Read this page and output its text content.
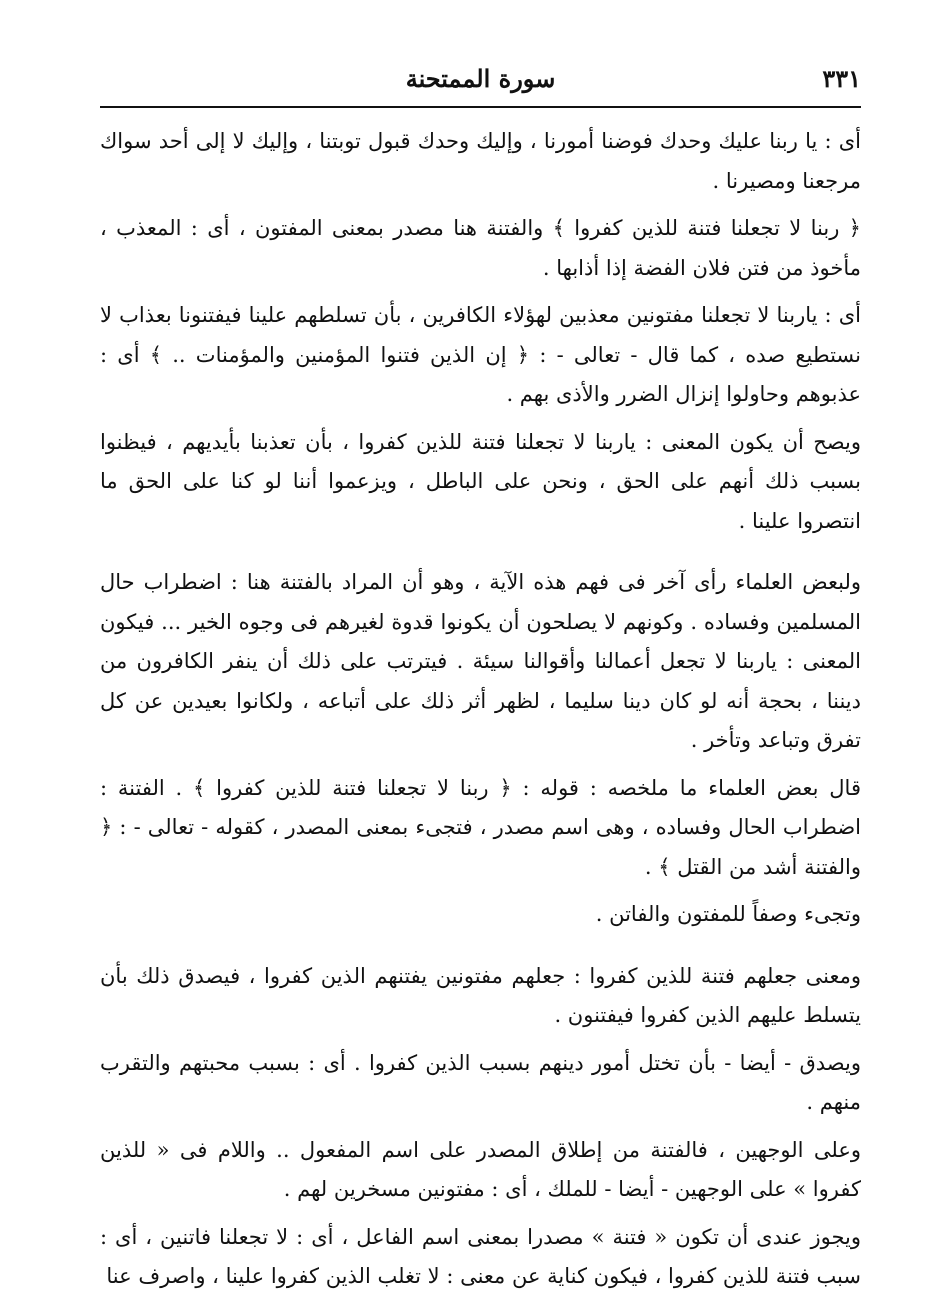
٣٣١
سورة الممتحنة

أى : يا ربنا عليك وحدك فوضنا أمورنا ، وإليك وحدك قبول توبتنا ، وإليك لا إلى أحد سواك مرجعنا ومصيرنا .

﴿ ربنا لا تجعلنا فتنة للذين كفروا ﴾ والفتنة هنا مصدر بمعنى المفتون ، أى : المعذب ، مأخوذ من فتن فلان الفضة إذا أذابها .

أى : ياربنا لا تجعلنا مفتونين معذبين لهؤلاء الكافرين ، بأن تسلطهم علينا فيفتنونا بعذاب لا نستطيع صده ، كما قال - تعالى - : ﴿ إن الذين فتنوا المؤمنين والمؤمنات .. ﴾ أى : عذبوهم وحاولوا إنزال الضرر والأذى بهم .

ويصح أن يكون المعنى : ياربنا لا تجعلنا فتنة للذين كفروا ، بأن تعذبنا بأيديهم ، فيظنوا بسبب ذلك أنهم على الحق ، ونحن على الباطل ، ويزعموا أننا لو كنا على الحق ما انتصروا علينا .

ولبعض العلماء رأى آخر فى فهم هذه الآية ، وهو أن المراد بالفتنة هنا : اضطراب حال المسلمين وفساده . وكونهم لا يصلحون أن يكونوا قدوة لغيرهم فى وجوه الخير ... فيكون المعنى : ياربنا لا تجعل أعمالنا وأقوالنا سيئة . فيترتب على ذلك أن ينفر الكافرون من ديننا ، بحجة أنه لو كان دينا سليما ، لظهر أثر ذلك على أتباعه ، ولكانوا بعيدين عن كل تفرق وتباعد وتأخر .

قال بعض العلماء ما ملخصه : قوله : ﴿ ربنا لا تجعلنا فتنة للذين كفروا ﴾ . الفتنة : اضطراب الحال وفساده ، وهى اسم مصدر ، فتجىء بمعنى المصدر ، كقوله - تعالى - : ﴿ والفتنة أشد من القتل ﴾ .

وتجىء وصفاً للمفتون والفاتن .

ومعنى جعلهم فتنة للذين كفروا : جعلهم مفتونين يفتنهم الذين كفروا ، فيصدق ذلك بأن يتسلط عليهم الذين كفروا فيفتنون .

ويصدق - أيضا - بأن تختل أمور دينهم بسبب الذين كفروا . أى : بسبب محبتهم والتقرب منهم .

وعلى الوجهين ، فالفتنة من إطلاق المصدر على اسم المفعول .. واللام فى « للذين كفروا » على الوجهين - أيضا - للملك ، أى : مفتونين مسخرين لهم .

ويجوز عندى أن تكون « فتنة » مصدرا بمعنى اسم الفاعل ، أى : لا تجعلنا فاتنين ، أى : سبب فتنة للذين كفروا ، فيكون كناية عن معنى : لا تغلب الذين كفروا علينا ، واصرف عنا
